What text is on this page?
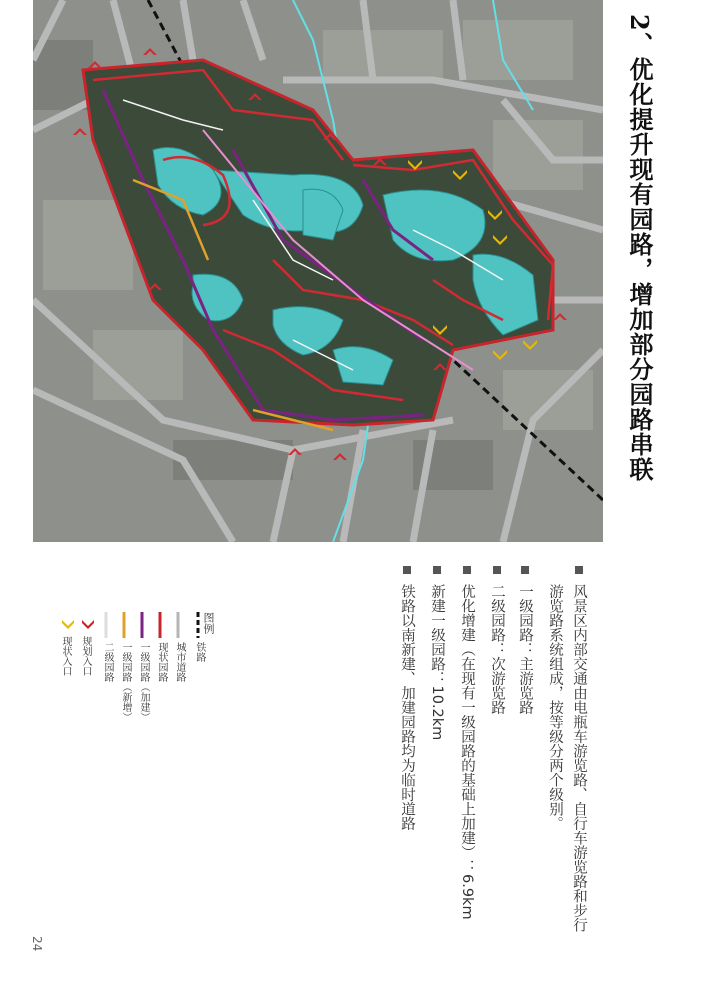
2、优化提升现有园路，增加部分园路串联
风景区内部交通由电瓶车游览路、自行车游览路和步行
游览路系统组成，按等级分两个级别。
一级园路：主游览路
二级园路：次游览路
优化增建（在现有一级园路的基础上加建）：6.9km
新建一级园路：10.2km
铁路以南新建、加建园路均为临时道路
图例
铁路
城市道路
现状园路
一级园路（加建）
一级园路（新增）
二级园路
规划入口
现状入口
24
